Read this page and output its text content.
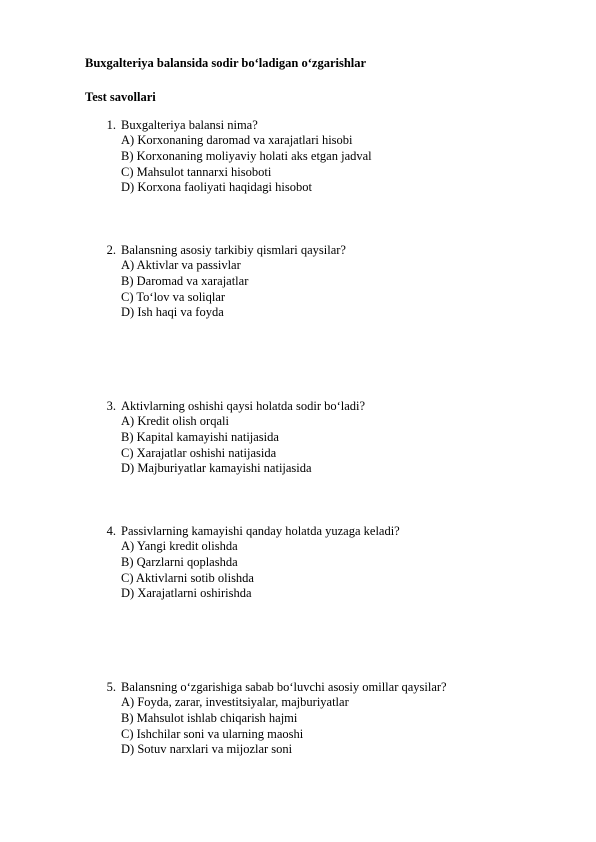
Buxgalteriya balansida sodir bo‘ladigan o‘zgarishlar
Test savollari
1. Buxgalteriya balansi nima?
A) Korxonaning daromad va xarajatlari hisobi
B) Korxonaning moliyaviy holati aks etgan jadval
C) Mahsulot tannarxi hisoboti
D) Korxona faoliyati haqidagi hisobot
2. Balansning asosiy tarkibiy qismlari qaysilar?
A) Aktivlar va passivlar
B) Daromad va xarajatlar
C) To‘lov va soliqlar
D) Ish haqi va foyda
3. Aktivlarning oshishi qaysi holatda sodir bo‘ladi?
A) Kredit olish orqali
B) Kapital kamayishi natijasida
C) Xarajatlar oshishi natijasida
D) Majburiyatlar kamayishi natijasida
4. Passivlarning kamayishi qanday holatda yuzaga keladi?
A) Yangi kredit olishda
B) Qarzlarni qoplashda
C) Aktivlarni sotib olishda
D) Xarajatlarni oshirishda
5. Balansning o‘zgarishiga sabab bo‘luvchi asosiy omillar qaysilar?
A) Foyda, zarar, investitsiyalar, majburiyatlar
B) Mahsulot ishlab chiqarish hajmi
C) Ishchilar soni va ularning maoshi
D) Sotuv narxlari va mijozlar soni
